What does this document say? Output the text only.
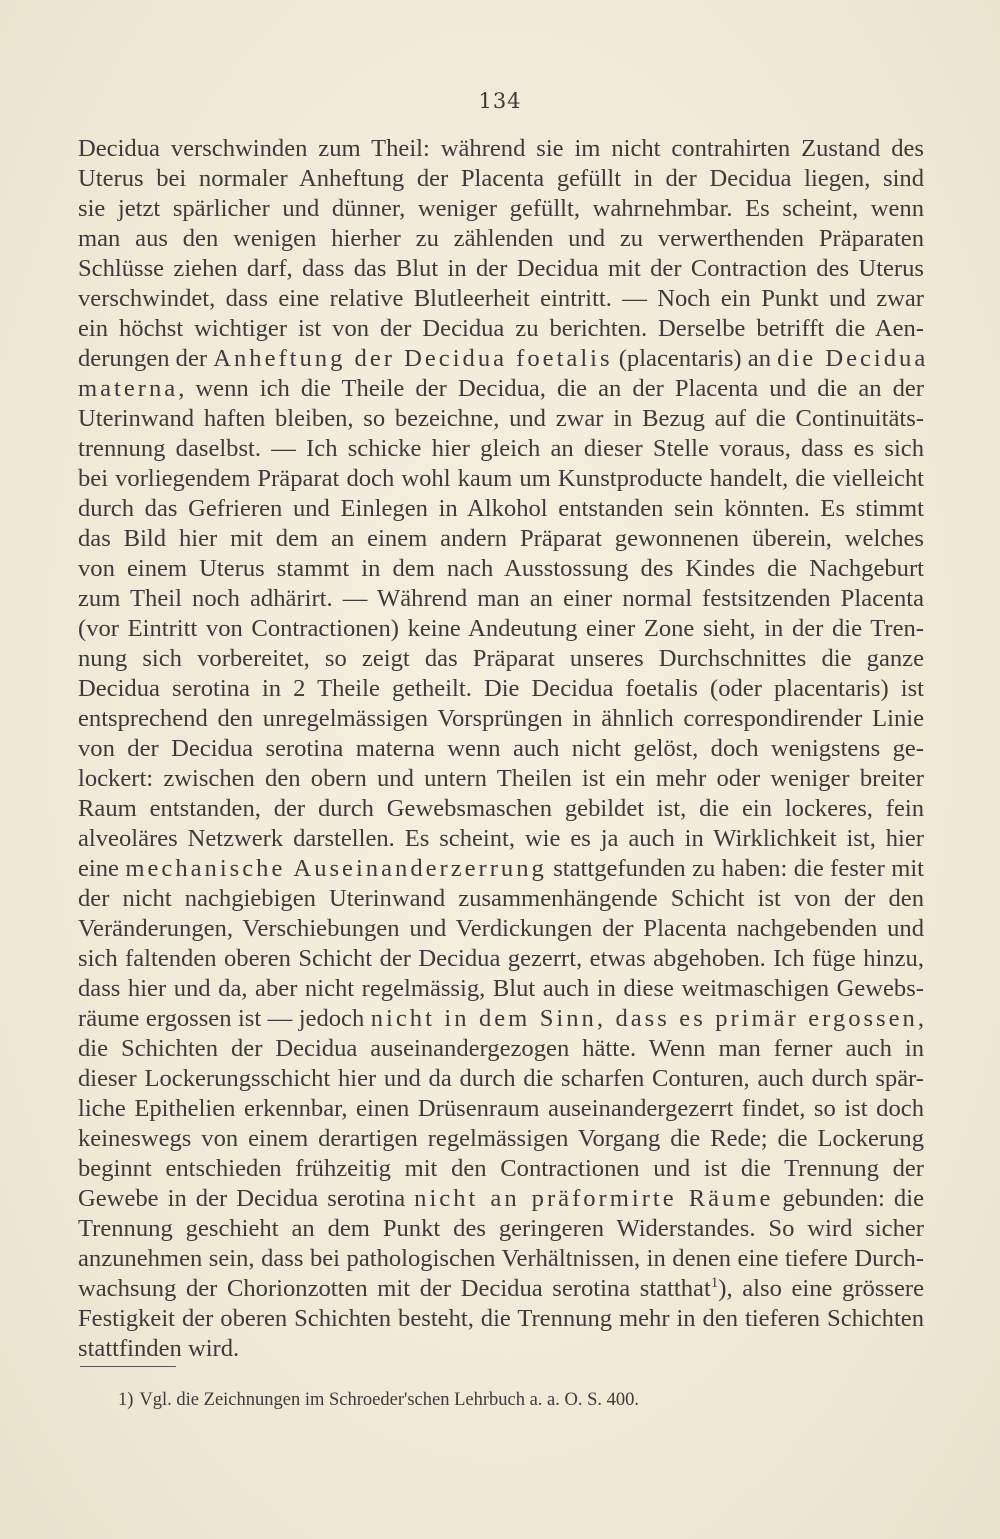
134
Decidua verschwinden zum Theil: während sie im nicht contrahirten Zustand des
Uterus bei normaler Anheftung der Placenta gefüllt in der Decidua liegen, sind
sie jetzt spärlicher und dünner, weniger gefüllt, wahrnehmbar. Es scheint, wenn
man aus den wenigen hierher zu zählenden und zu verwerthenden Präparaten
Schlüsse ziehen darf, dass das Blut in der Decidua mit der Contraction des Uterus
verschwindet, dass eine relative Blutleerheit eintritt. — Noch ein Punkt und zwar
ein höchst wichtiger ist von der Decidua zu berichten. Derselbe betrifft die Aen-
derungen der Anheftung der Decidua foetalis (placentaris) an die Decidua
materna, wenn ich die Theile der Decidua, die an der Placenta und die an der
Uterinwand haften bleiben, so bezeichne, und zwar in Bezug auf die Continuitäts-
trennung daselbst. — Ich schicke hier gleich an dieser Stelle voraus, dass es sich
bei vorliegendem Präparat doch wohl kaum um Kunstproducte handelt, die vielleicht
durch das Gefrieren und Einlegen in Alkohol entstanden sein könnten. Es stimmt
das Bild hier mit dem an einem andern Präparat gewonnenen überein, welches
von einem Uterus stammt in dem nach Ausstossung des Kindes die Nachgeburt
zum Theil noch adhärirt. — Während man an einer normal festsitzenden Placenta
(vor Eintritt von Contractionen) keine Andeutung einer Zone sieht, in der die Tren-
nung sich vorbereitet, so zeigt das Präparat unseres Durchschnittes die ganze
Decidua serotina in 2 Theile getheilt. Die Decidua foetalis (oder placentaris) ist
entsprechend den unregelmässigen Vorsprüngen in ähnlich correspondirender Linie
von der Decidua serotina materna wenn auch nicht gelöst, doch wenigstens ge-
lockert: zwischen den obern und untern Theilen ist ein mehr oder weniger breiter
Raum entstanden, der durch Gewebsmaschen gebildet ist, die ein lockeres, fein
alveoläres Netzwerk darstellen. Es scheint, wie es ja auch in Wirklichkeit ist, hier
eine mechanische Auseinanderzerrung stattgefunden zu haben: die fester mit
der nicht nachgiebigen Uterinwand zusammenhängende Schicht ist von der den
Veränderungen, Verschiebungen und Verdickungen der Placenta nachgebenden und
sich faltenden oberen Schicht der Decidua gezerrt, etwas abgehoben. Ich füge hinzu,
dass hier und da, aber nicht regelmässig, Blut auch in diese weitmaschigen Gewebs-
räume ergossen ist — jedoch nicht in dem Sinn, dass es primär ergossen,
die Schichten der Decidua auseinandergezogen hätte. Wenn man ferner auch in
dieser Lockerungsschicht hier und da durch die scharfen Conturen, auch durch spär-
liche Epithelien erkennbar, einen Drüsenraum auseinandergezerrt findet, so ist doch
keineswegs von einem derartigen regelmässigen Vorgang die Rede; die Lockerung
beginnt entschieden frühzeitig mit den Contractionen und ist die Trennung der
Gewebe in der Decidua serotina nicht an präformirte Räume gebunden: die
Trennung geschieht an dem Punkt des geringeren Widerstandes. So wird sicher
anzunehmen sein, dass bei pathologischen Verhältnissen, in denen eine tiefere Durch-
wachsung der Chorionzotten mit der Decidua serotina statthat$^1$), also eine grössere
Festigkeit der oberen Schichten besteht, die Trennung mehr in den tieferen Schichten
stattfinden wird.
1) Vgl. die Zeichnungen im Schroeder'schen Lehrbuch a. a. O. S. 400.
